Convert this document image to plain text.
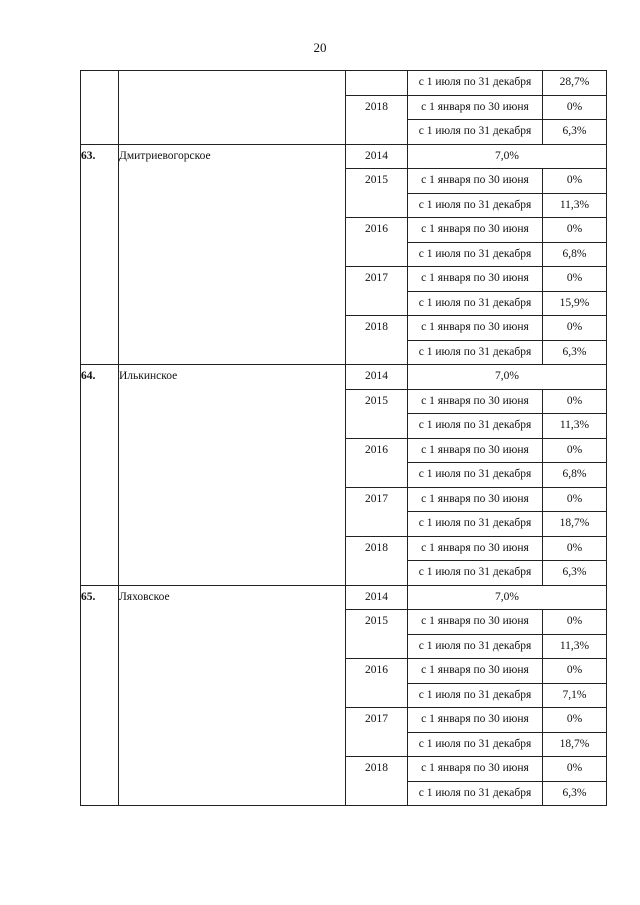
20
			с 1 июля по 31 декабря	28,7%
		2018	с 1 января по 30 июня	0%
			с 1 июля по 31 декабря	6,3%
63.	Дмитриевогорское	2014	7,0%	
		2015	с 1 января по 30 июня	0%
			с 1 июля по 31 декабря	11,3%
		2016	с 1 января по 30 июня	0%
			с 1 июля по 31 декабря	6,8%
		2017	с 1 января по 30 июня	0%
			с 1 июля по 31 декабря	15,9%
		2018	с 1 января по 30 июня	0%
			с 1 июля по 31 декабря	6,3%
64.	Илькинское	2014	7,0%	
		2015	с 1 января по 30 июня	0%
			с 1 июля по 31 декабря	11,3%
		2016	с 1 января по 30 июня	0%
			с 1 июля по 31 декабря	6,8%
		2017	с 1 января по 30 июня	0%
			с 1 июля по 31 декабря	18,7%
		2018	с 1 января по 30 июня	0%
			с 1 июля по 31 декабря	6,3%
65.	Ляховское	2014	7,0%	
		2015	с 1 января по 30 июня	0%
			с 1 июля по 31 декабря	11,3%
		2016	с 1 января по 30 июня	0%
			с 1 июля по 31 декабря	7,1%
		2017	с 1 января по 30 июня	0%
			с 1 июля по 31 декабря	18,7%
		2018	с 1 января по 30 июня	0%
			с 1 июля по 31 декабря	6,3%
